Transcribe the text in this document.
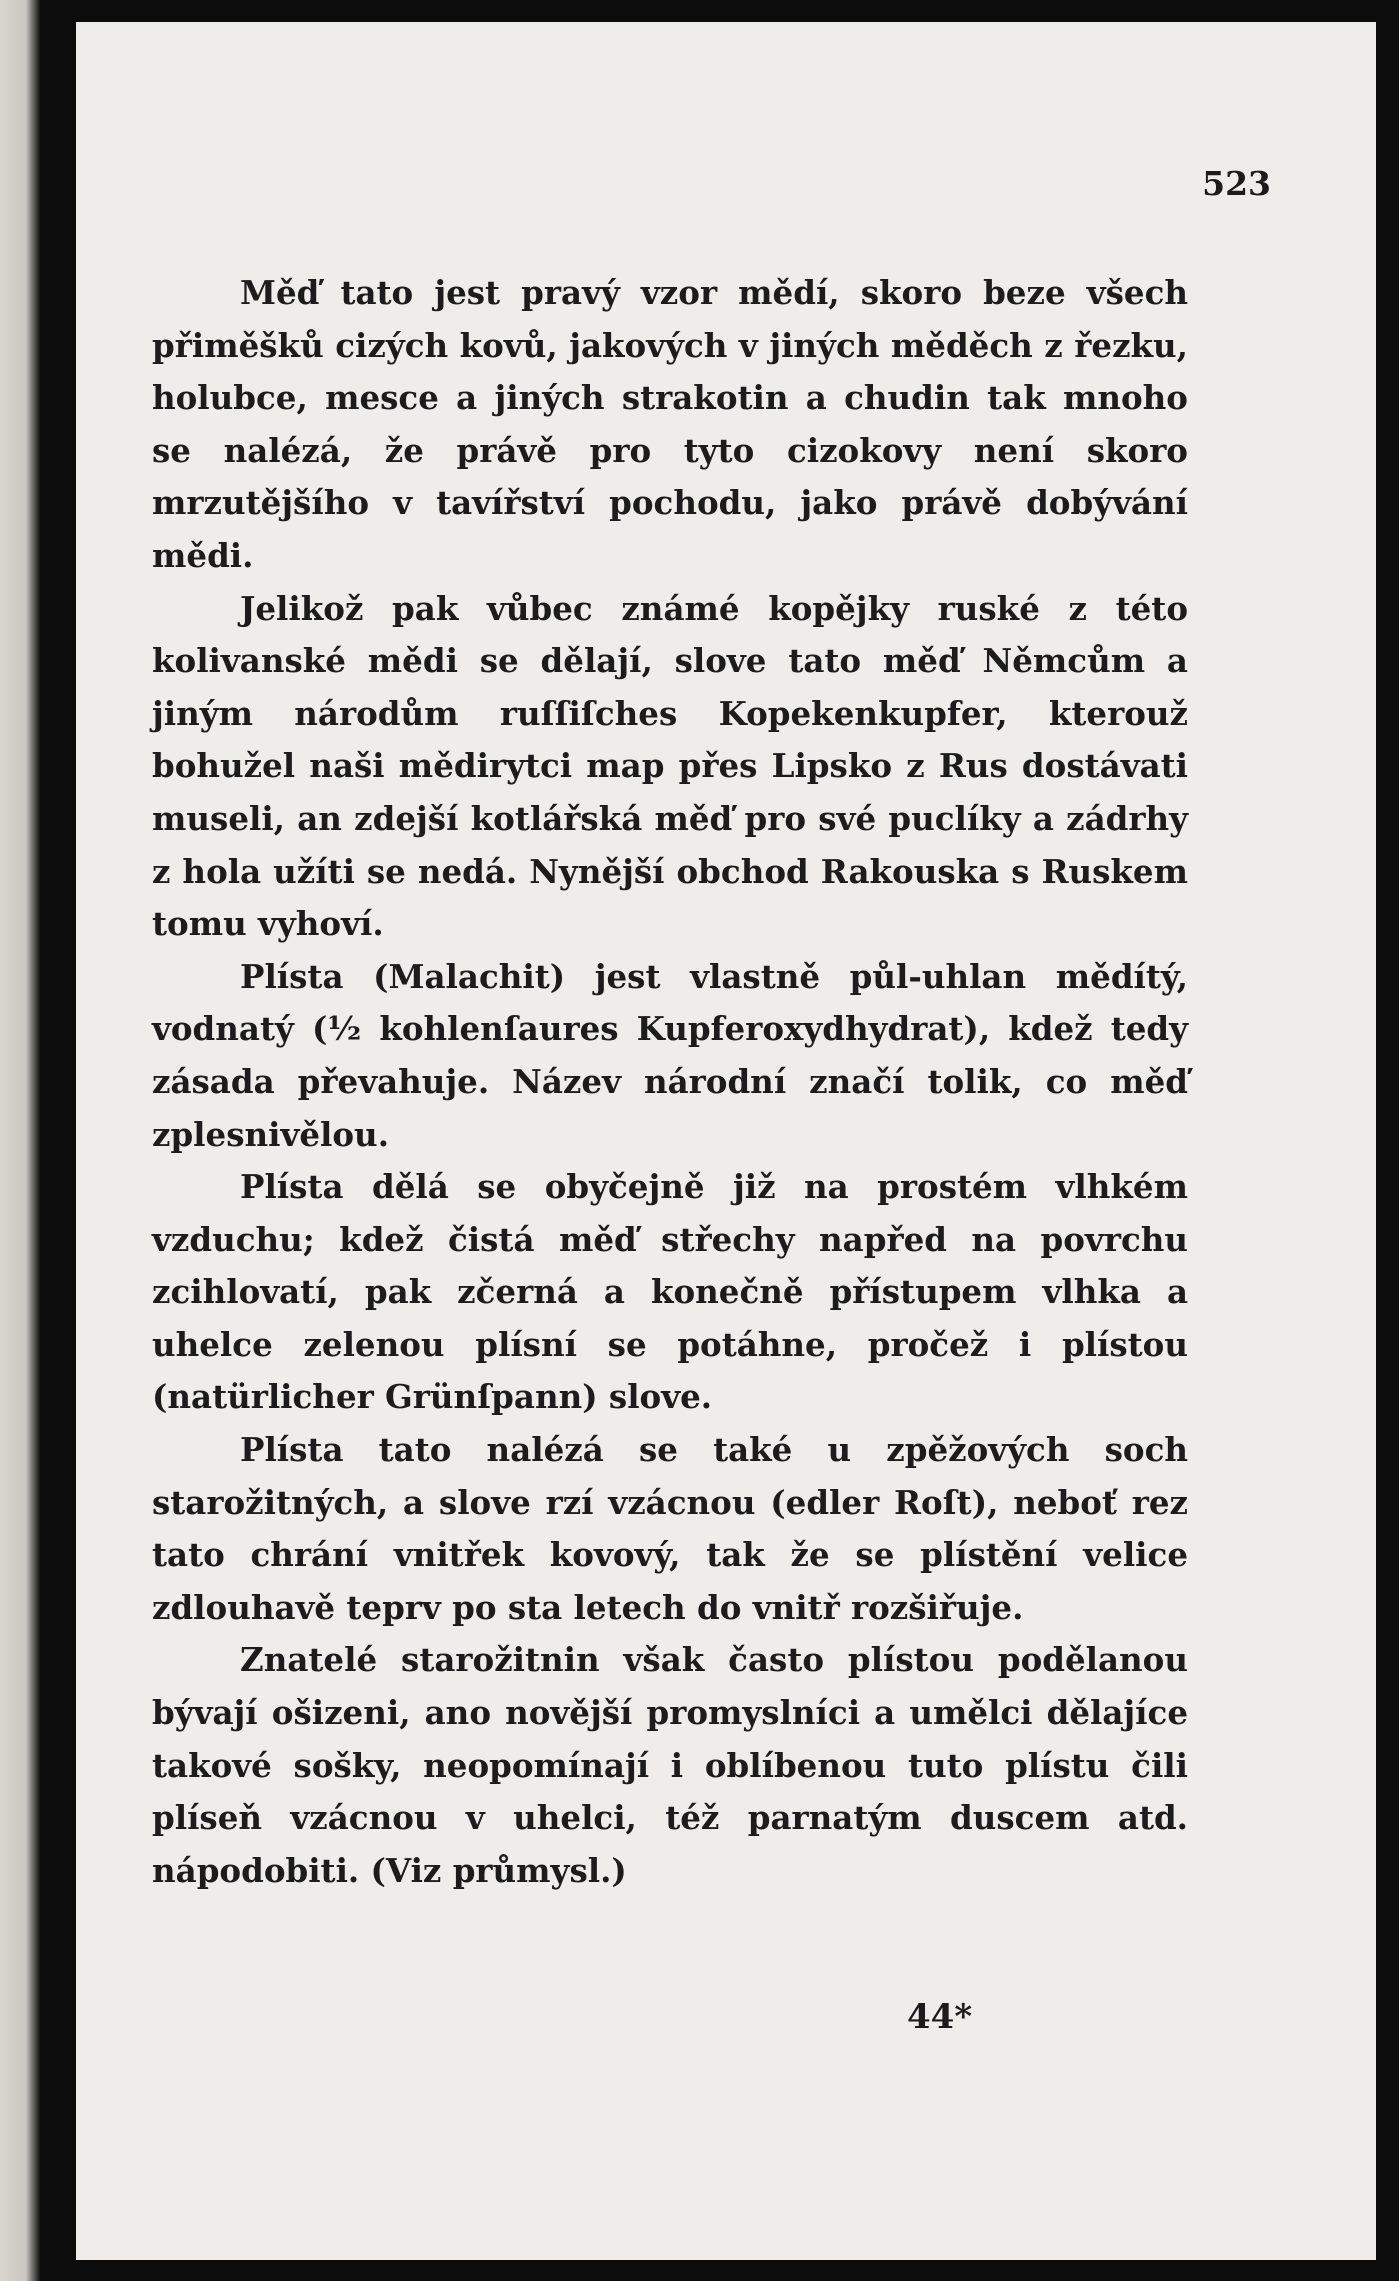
523

Měď tato jest pravý vzor mědí, skoro beze všech přiměšků cizých kovů, jakových v jiných měděch z řezku, holubce, mesce a jiných strakotin a chudin tak mnoho se nalézá, že právě pro tyto cizokovy není skoro mrzutějšího v tavířství pochodu, jako právě dobývání mědi.

Jelikož pak vůbec známé kopějky ruské z této kolivanské mědi se dělají, slove tato měď Němcům a jiným národům ruſſiſches Kopekenkupfer, kterouž bohužel naši mědirytci map přes Lipsko z Rus dostávati museli, an zdejší kotlářská měď pro své puclíky a zádrhy z hola užíti se nedá. Nynější obchod Rakouska s Ruskem tomu vyhoví.

Plísta (Malachit) jest vlastně půl-uhlan mědítý, vodnatý (½ kohlenſaures Kupferoxydhydrat), kdež tedy zásada převahuje. Název národní značí tolik, co měď zplesnivělou.

Plísta dělá se obyčejně již na prostém vlhkém vzduchu; kdež čistá měď střechy napřed na povrchu zcihlovatí, pak zčerná a konečně přístupem vlhka a uhelce zelenou plísní se potáhne, pročež i plístou (natürlicher Grünſpann) slove.

Plísta tato nalézá se také u zpěžových soch starožitných, a slove rzí vzácnou (edler Roſt), neboť rez tato chrání vnitřek kovový, tak že se plístění velice zdlouhavě teprv po sta letech do vnitř rozšiřuje.

Znatelé starožitnin však často plístou podělanou bývají ošizeni, ano novější promyslníci a umělci dělajíce takové sošky, neopomínají i oblíbenou tuto plístu čili plíseň vzácnou v uhelci, též parnatým duscem atd. nápodobiti. (Viz průmysl.)

44*
